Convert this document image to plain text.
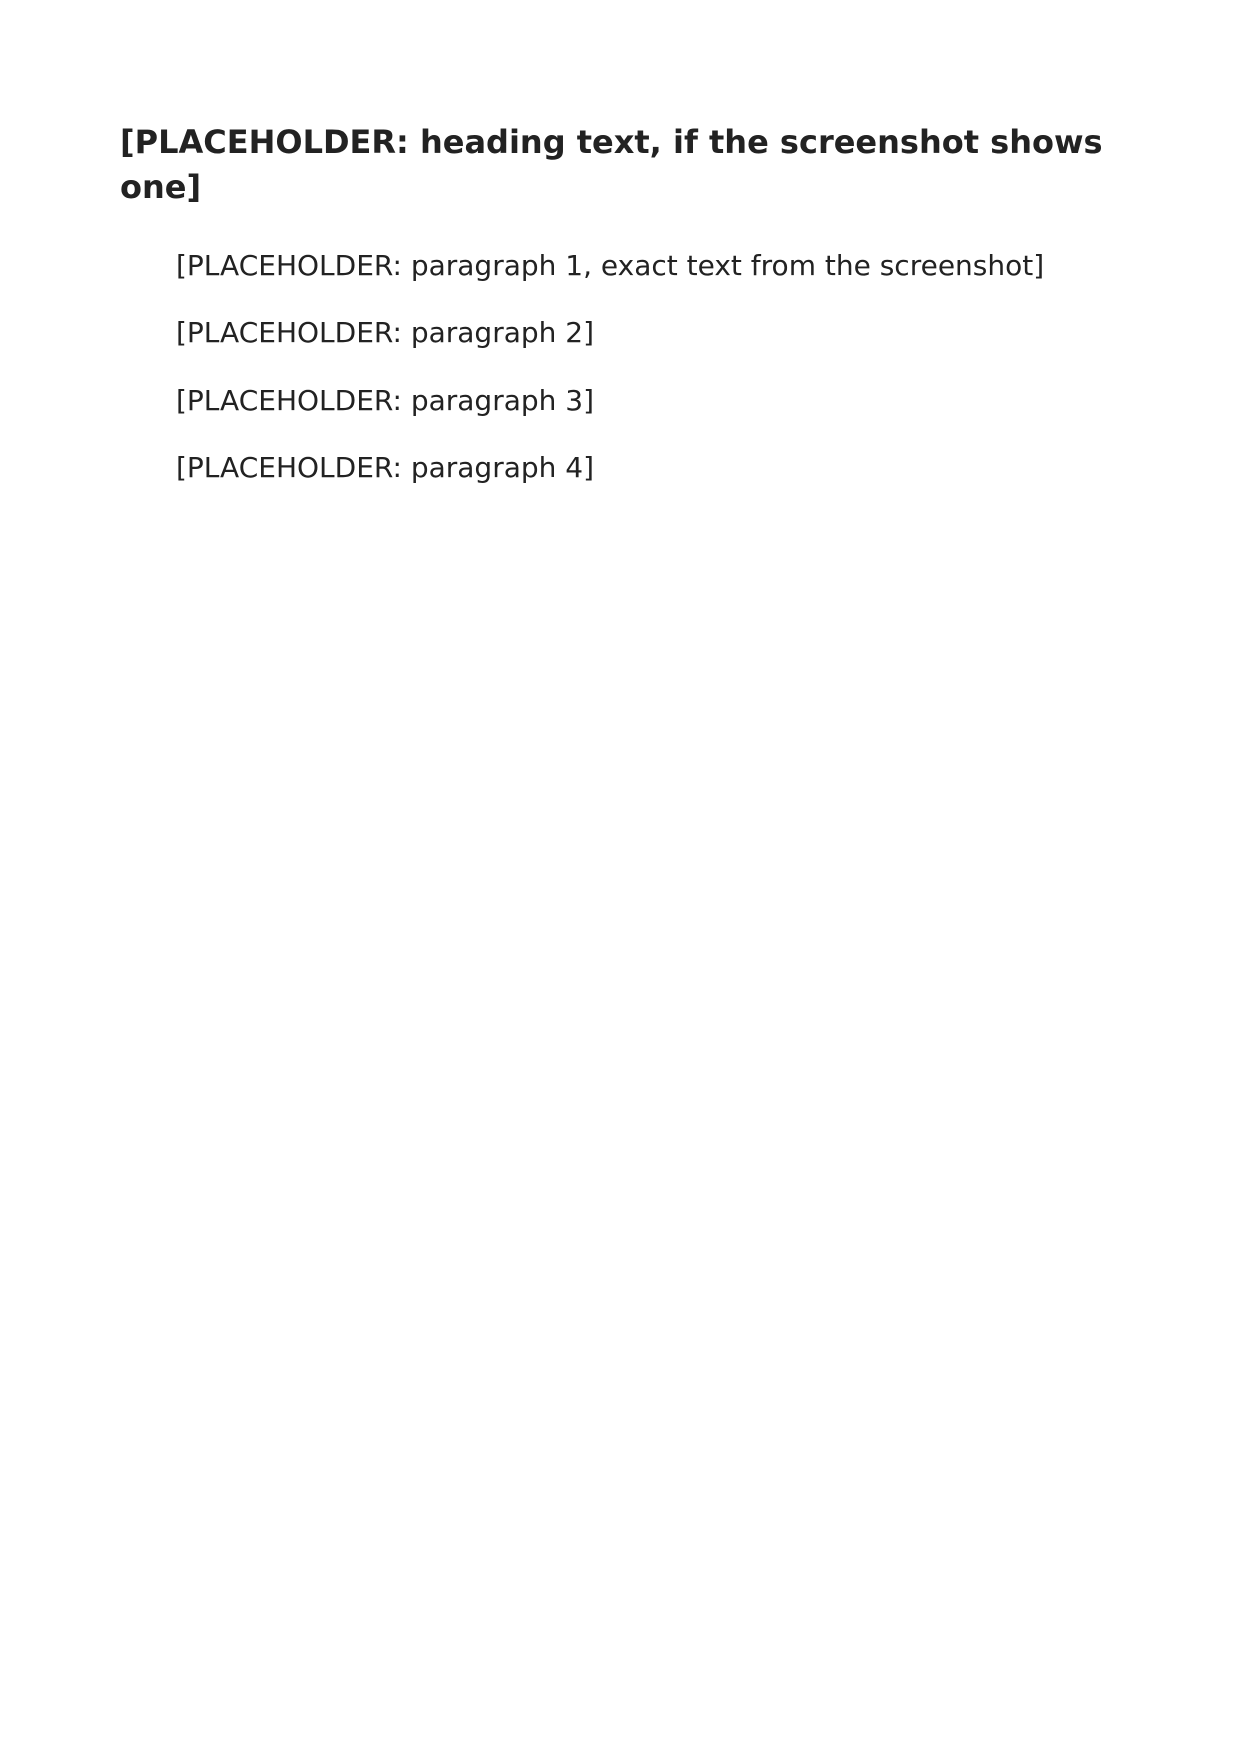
[PLACEHOLDER: heading text, if the screenshot shows one]
[PLACEHOLDER: paragraph 1, exact text from the screenshot]
[PLACEHOLDER: paragraph 2]
[PLACEHOLDER: paragraph 3]
[PLACEHOLDER: paragraph 4]
